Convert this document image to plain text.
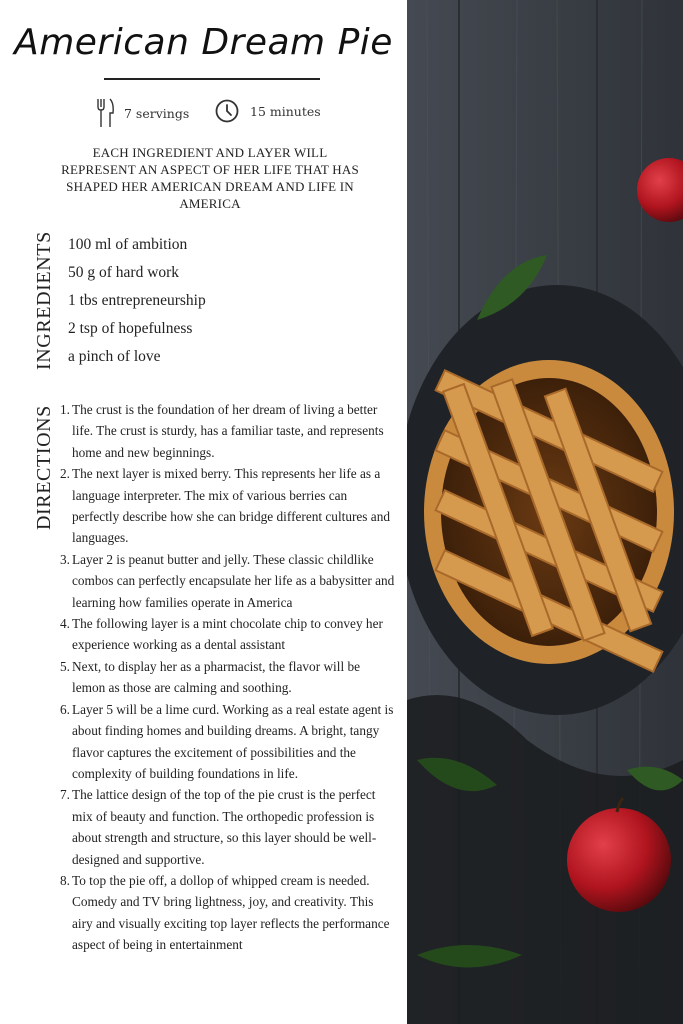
American Dream Pie
7 servings	15 minutes
EACH INGREDIENT AND LAYER WILL REPRESENT AN ASPECT OF HER LIFE THAT HAS SHAPED HER AMERICAN DREAM AND LIFE IN AMERICA
INGREDIENTS 100 ml of ambition
50 g of hard work
1 tbs entrepreneurship
2 tsp of hopefulness
a pinch of love
DIRECTIONS 1. The crust is the foundation of her dream of living a better life. The crust is sturdy, has a familiar taste, and represents home and new beginnings.
2. The next layer is mixed berry. This represents her life as a language interpreter. The mix of various berries can perfectly describe how she can bridge different cultures and languages.
3. Layer 2 is peanut butter and jelly. These classic childlike combos can perfectly encapsulate her life as a babysitter and learning how families operate in America
4. The following layer is a mint chocolate chip to convey her experience working as a dental assistant
5. Next, to display her as a pharmacist, the flavor will be lemon as those are calming and soothing.
6. Layer 5 will be a lime curd. Working as a real estate agent is about finding homes and building dreams. A bright, tangy flavor captures the excitement of possibilities and the complexity of building foundations in life.
7. The lattice design of the top of the pie crust is the perfect mix of beauty and function. The orthopedic profession is about strength and structure, so this layer should be well-designed and supportive.
8. To top the pie off, a dollop of whipped cream is needed. Comedy and TV bring lightness, joy, and creativity. This airy and visually exciting top layer reflects the performance aspect of being in entertainment
